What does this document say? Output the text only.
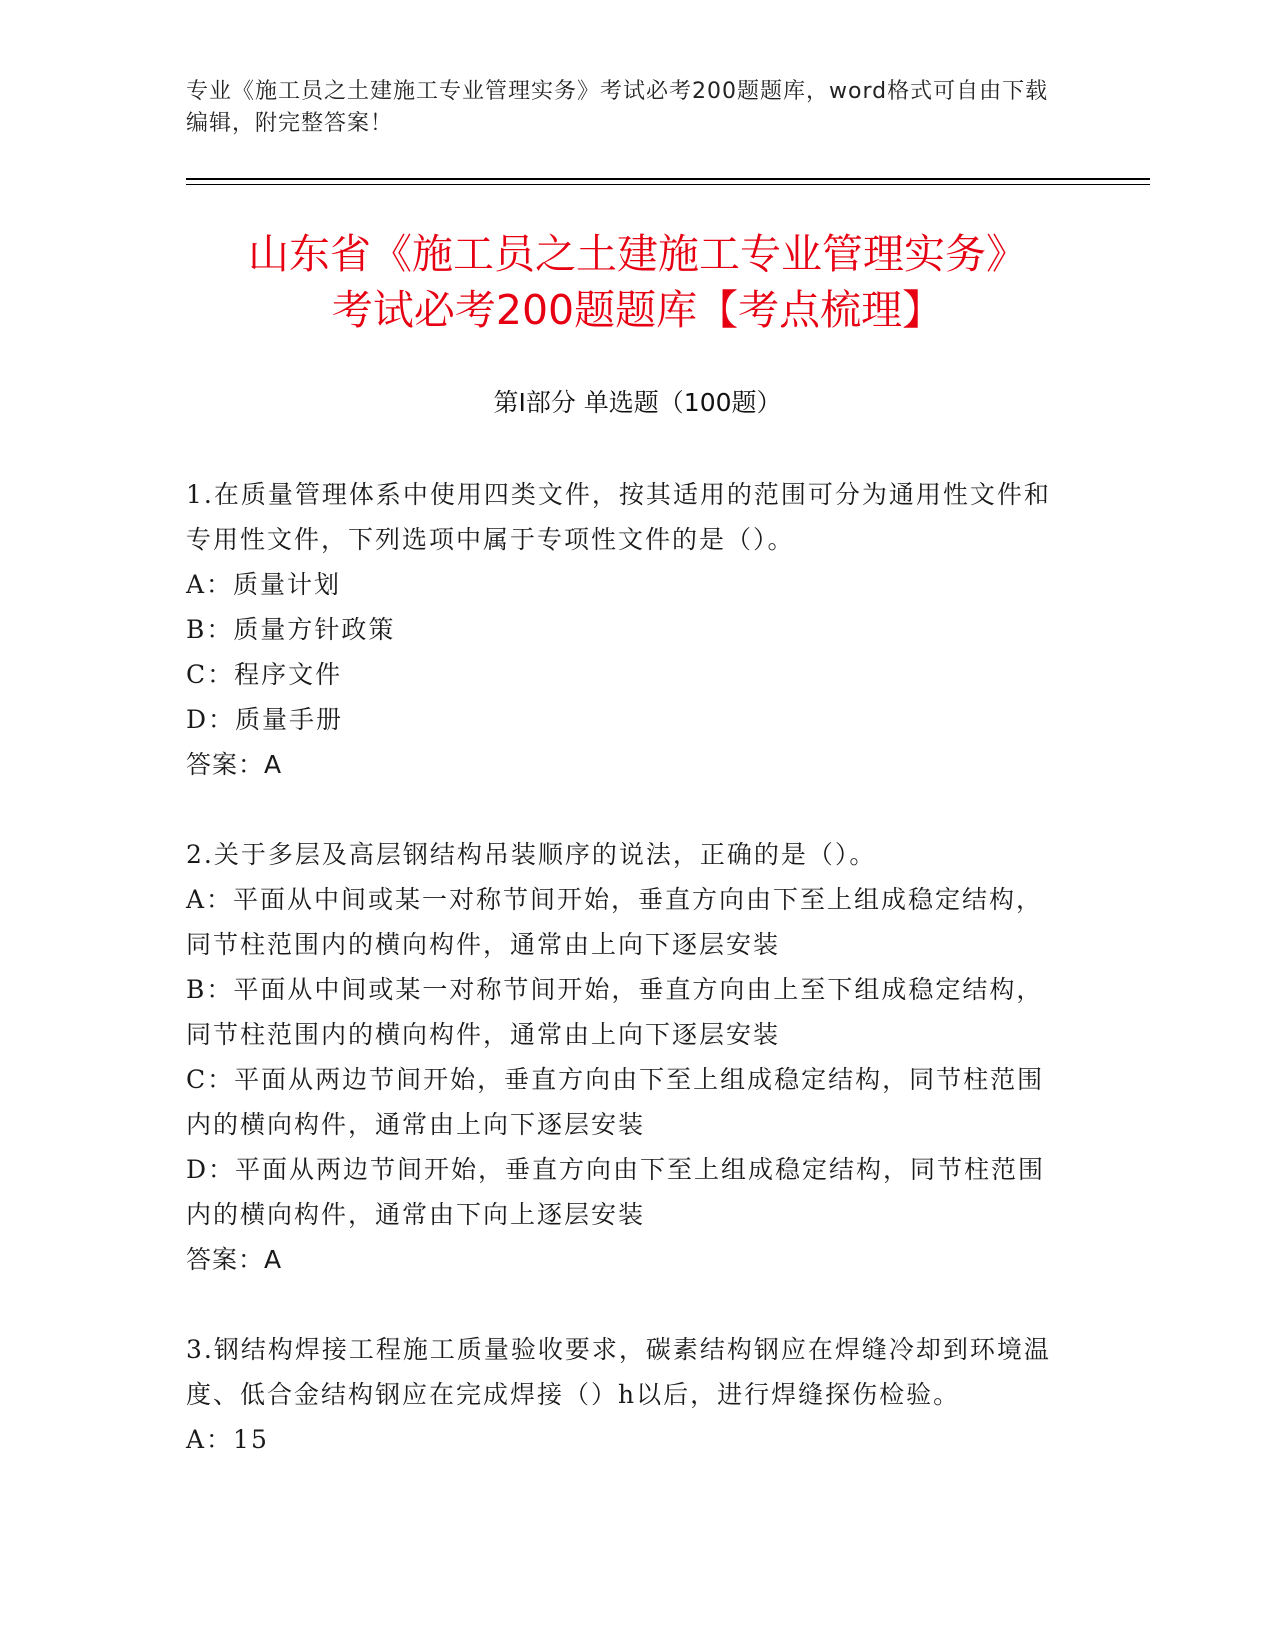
专业《施工员之土建施工专业管理实务》考试必考200题题库，word格式可自由下载编辑，附完整答案！
山东省《施工员之土建施工专业管理实务》
考试必考200题题库【考点梳理】
第Ⅰ部分 单选题（100题）

1.在质量管理体系中使用四类文件，按其适用的范围可分为通用性文件和专用性文件，下列选项中属于专项性文件的是（）。

A：质量计划

B：质量方针政策

C：程序文件

D：质量手册

答案：A

2.关于多层及高层钢结构吊装顺序的说法，正确的是（）。

A：平面从中间或某一对称节间开始，垂直方向由下至上组成稳定结构，同节柱范围内的横向构件，通常由上向下逐层安装

B：平面从中间或某一对称节间开始，垂直方向由上至下组成稳定结构，同节柱范围内的横向构件，通常由上向下逐层安装

C：平面从两边节间开始，垂直方向由下至上组成稳定结构，同节柱范围内的横向构件，通常由上向下逐层安装

D：平面从两边节间开始，垂直方向由下至上组成稳定结构，同节柱范围内的横向构件，通常由下向上逐层安装

答案：A

3.钢结构焊接工程施工质量验收要求，碳素结构钢应在焊缝冷却到环境温度、低合金结构钢应在完成焊接（）h以后，进行焊缝探伤检验。

A：15
